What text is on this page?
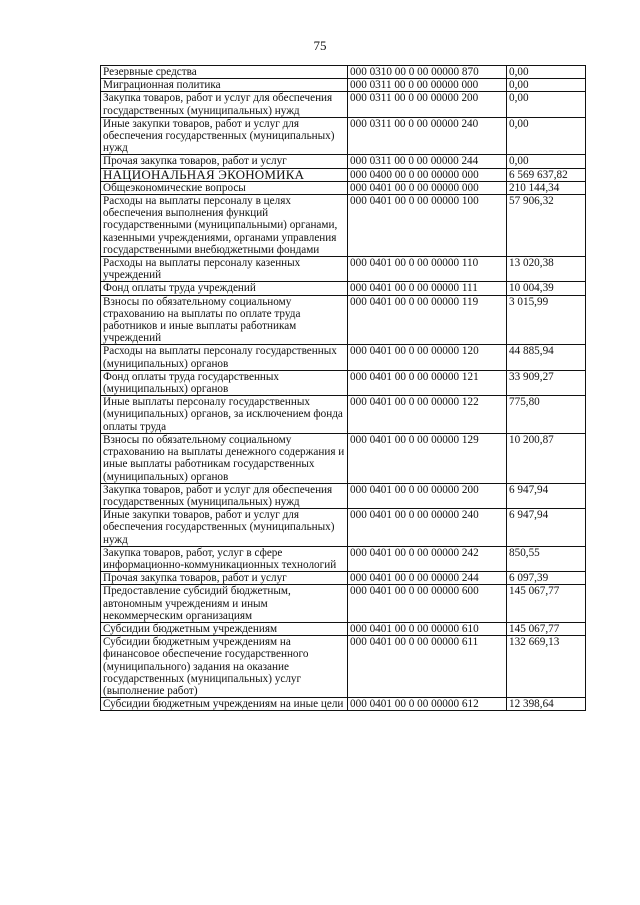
75
Резервные средства	000 0310 00 0 00 00000 870	0,00
Миграционная политика	000 0311 00 0 00 00000 000	0,00
Закупка товаров, работ и услуг для обеспечения государственных (муниципальных) нужд	000 0311 00 0 00 00000 200	0,00
Иные закупки товаров, работ и услуг для обеспечения государственных (муниципальных) нужд	000 0311 00 0 00 00000 240	0,00
Прочая закупка товаров, работ и услуг	000 0311 00 0 00 00000 244	0,00
НАЦИОНАЛЬНАЯ ЭКОНОМИКА	000 0400 00 0 00 00000 000	6 569 637,82
Общеэкономические вопросы	000 0401 00 0 00 00000 000	210 144,34
Расходы на выплаты персоналу в целях обеспечения выполнения функций государственными (муниципальными) органами, казенными учреждениями, органами управления государственными внебюджетными фондами	000 0401 00 0 00 00000 100	57 906,32
Расходы на выплаты персоналу казенных учреждений	000 0401 00 0 00 00000 110	13 020,38
Фонд оплаты труда учреждений	000 0401 00 0 00 00000 111	10 004,39
Взносы по обязательному социальному страхованию на выплаты по оплате труда работников и иные выплаты работникам учреждений	000 0401 00 0 00 00000 119	3 015,99
Расходы на выплаты персоналу государственных (муниципальных) органов	000 0401 00 0 00 00000 120	44 885,94
Фонд оплаты труда государственных (муниципальных) органов	000 0401 00 0 00 00000 121	33 909,27
Иные выплаты персоналу государственных (муниципальных) органов, за исключением фонда оплаты труда	000 0401 00 0 00 00000 122	775,80
Взносы по обязательному социальному страхованию на выплаты денежного содержания и иные выплаты работникам государственных (муниципальных) органов	000 0401 00 0 00 00000 129	10 200,87
Закупка товаров, работ и услуг для обеспечения государственных (муниципальных) нужд	000 0401 00 0 00 00000 200	6 947,94
Иные закупки товаров, работ и услуг для обеспечения государственных (муниципальных) нужд	000 0401 00 0 00 00000 240	6 947,94
Закупка товаров, работ, услуг в сфере информационно-коммуникационных технологий	000 0401 00 0 00 00000 242	850,55
Прочая закупка товаров, работ и услуг	000 0401 00 0 00 00000 244	6 097,39
Предоставление субсидий бюджетным, автономным учреждениям и иным некоммерческим организациям	000 0401 00 0 00 00000 600	145 067,77
Субсидии бюджетным учреждениям	000 0401 00 0 00 00000 610	145 067,77
Субсидии бюджетным учреждениям на финансовое обеспечение государственного (муниципального) задания на оказание государственных (муниципальных) услуг (выполнение работ)	000 0401 00 0 00 00000 611	132 669,13
Субсидии бюджетным учреждениям на иные цели	000 0401 00 0 00 00000 612	12 398,64
